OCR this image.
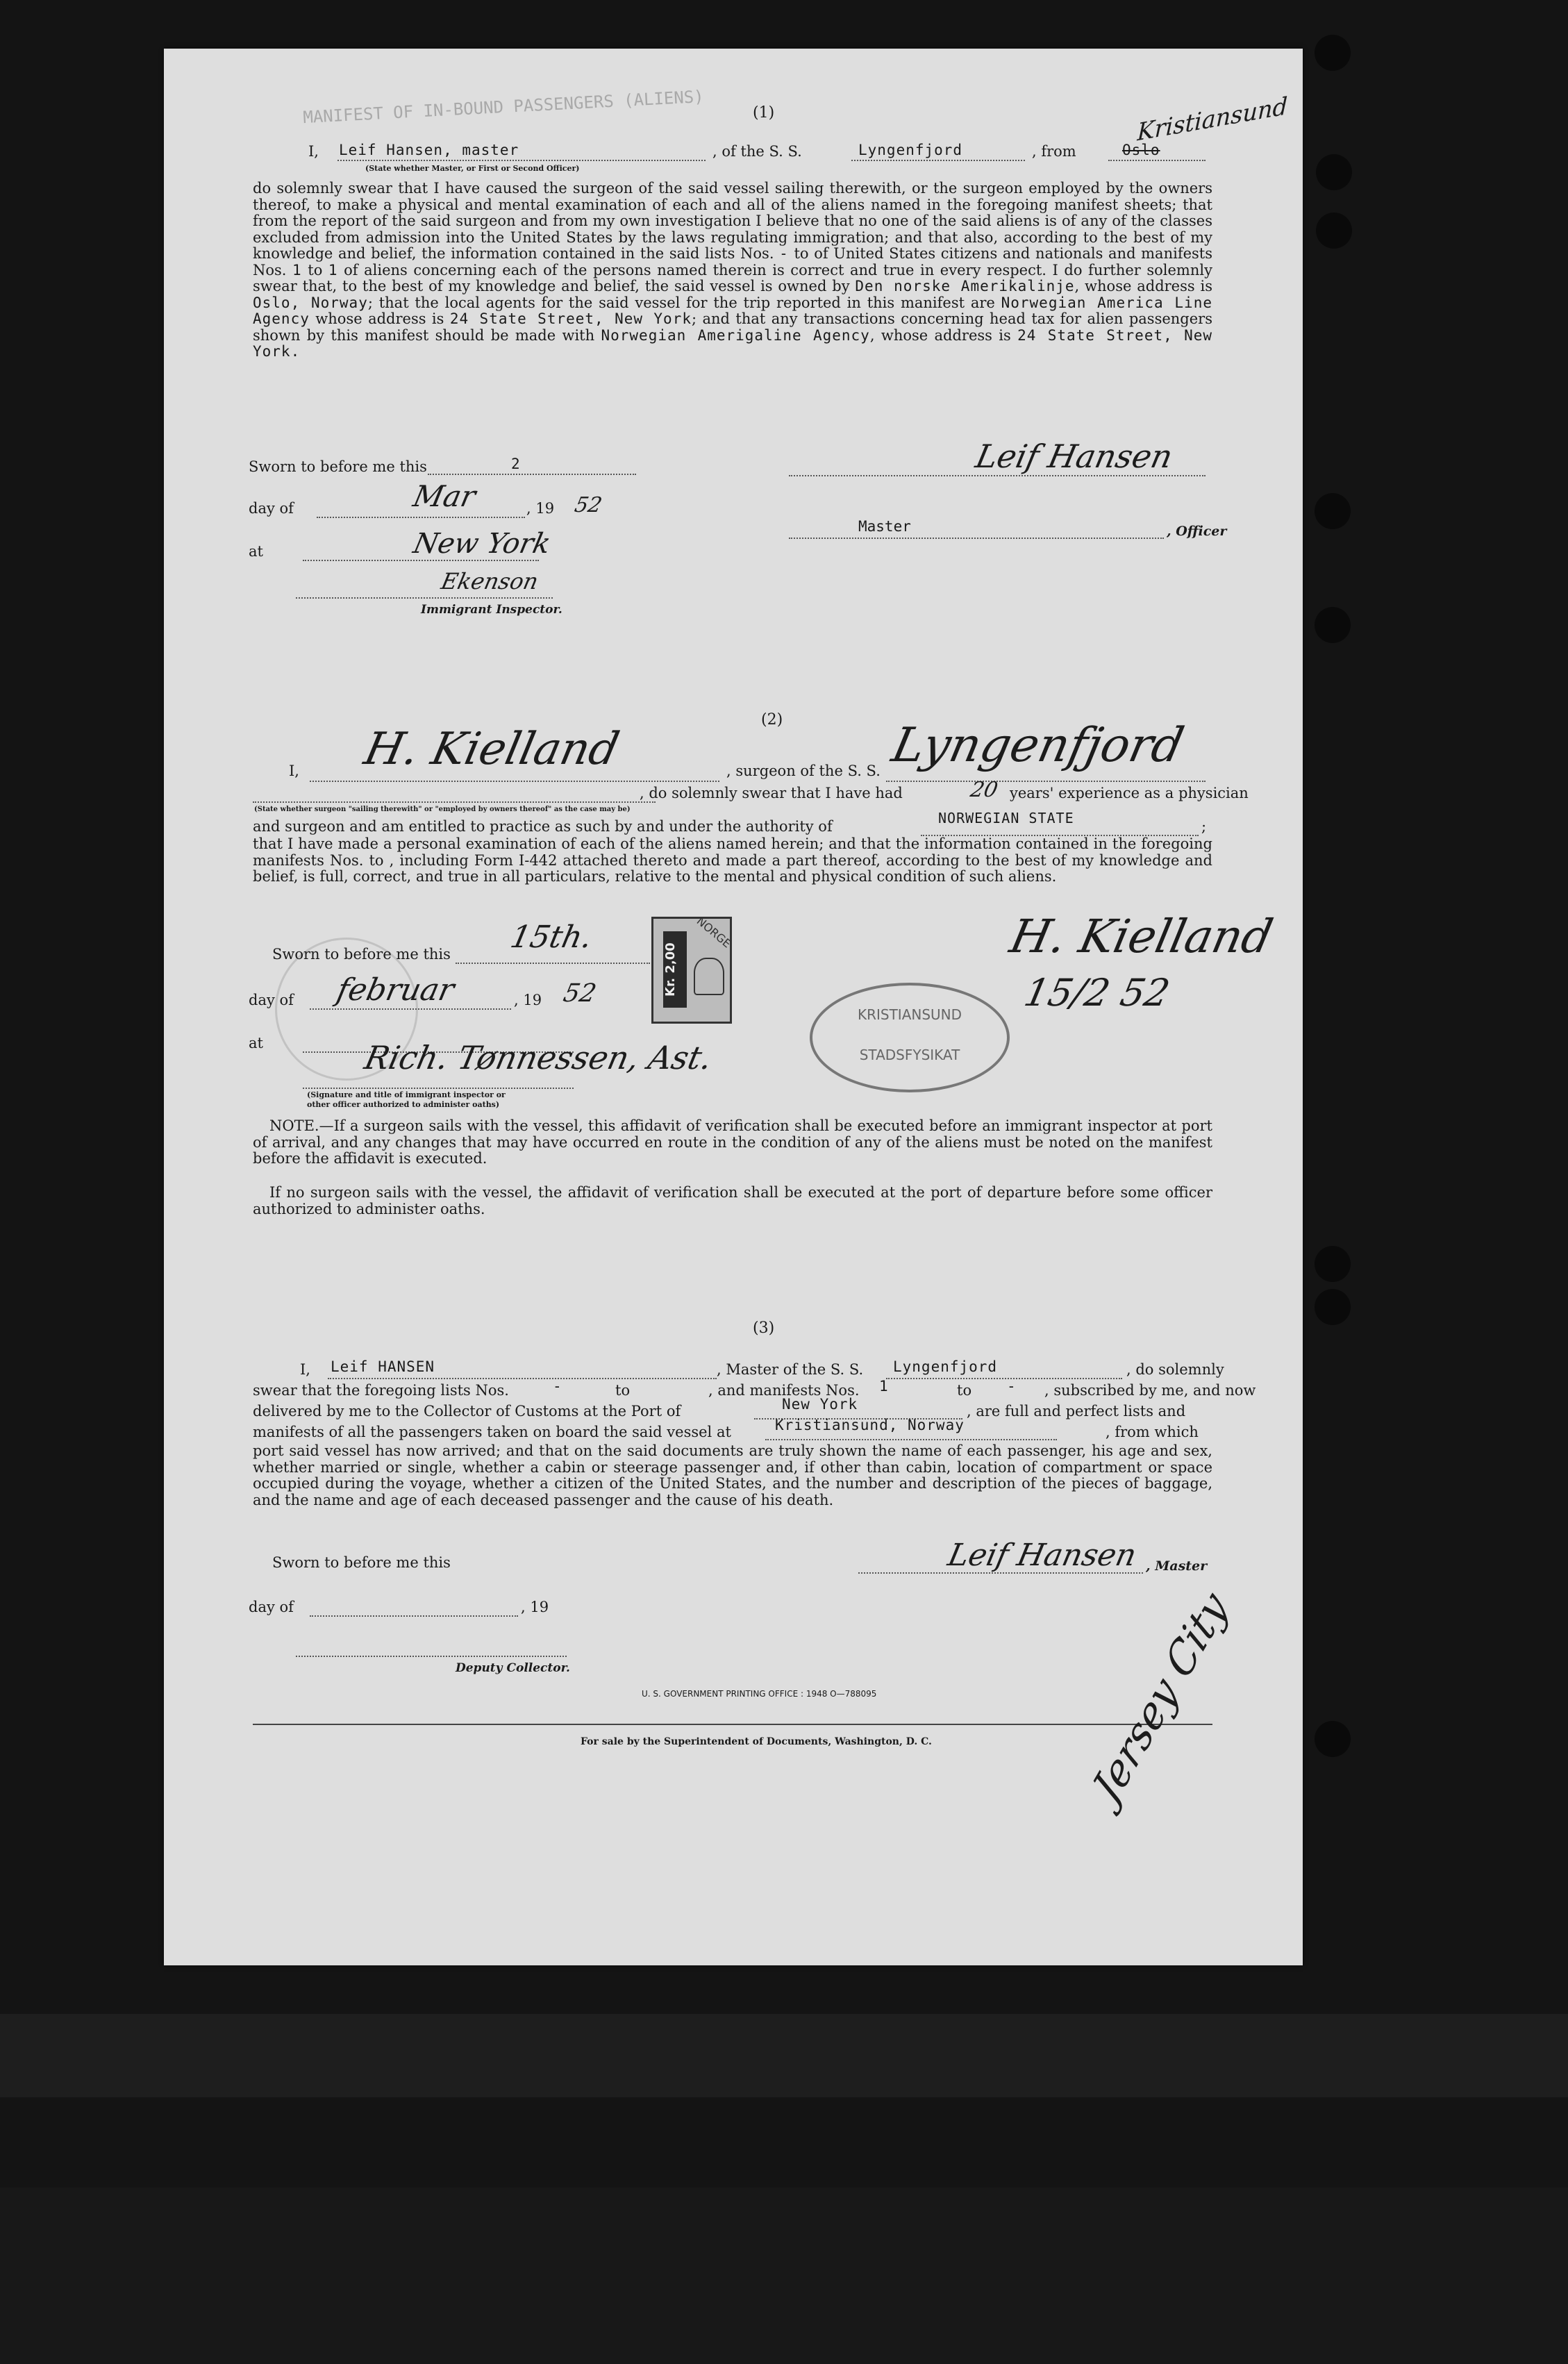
MANIFEST OF IN-BOUND PASSENGERS (ALIENS)	(1)
I, Leif Hansen, master
(State whether Master, or First or Second Officer)
, of the S. S.	Lyngenfjord	, from	Oslo
Kristiansund
do solemnly swear that I have caused the surgeon of the said vessel sailing therewith, or the surgeon employed by the owners thereof, to make a physical and mental examination of each and all of the aliens named in the foregoing manifest sheets; that from the report of the said surgeon and from my own investigation I believe that no one of the said aliens is of any of the classes excluded from admission into the United States by the laws regulating immigration; and that also, according to the best of my knowledge and belief, the information contained in the said lists Nos. - to of United States citizens and nationals and manifests Nos. 1 to 1 of aliens concerning each of the persons named therein is correct and true in every respect. I do further solemnly swear that, to the best of my knowledge and belief, the said vessel is owned by Den norske Amerikalinje, whose address is Oslo, Norway; that the local agents for the said vessel for the trip reported in this manifest are Norwegian America Line Agency whose address is 24 State Street, New York; and that any transactions concerning head tax for alien passengers shown by this manifest should be made with Norwegian Amerigaline Agency, whose address is 24 State Street, New York.
Sworn to before me this	2	Leif Hansen
day of	Mar	, 19 52
Master	, Officer
at	New York
Ekenson
Immigrant Inspector.
(2)
I, H. Kielland	, surgeon of the S. S. Lyngenfjord
(State whether surgeon "sailing therewith" or "employed by owners thereof" as the case may be)
, do solemnly swear that I have had	20 years' experience as a physician
and surgeon and am entitled to practice as such by and under the authority of	NORWEGIAN STATE	;
that I have made a personal examination of each of the aliens named herein; and that the information contained in the foregoing manifests Nos. to , including Form I-442 attached thereto and made a part thereof, according to the best of my knowledge and belief, is full, correct, and true in all particulars, relative to the mental and physical condition of such aliens.
Sworn to before me this 15th.
Kr. 2,00
NORGE
KRISTIANSUND
STADSFYSIKAT
H. Kielland
15/2 52
day of februar	, 19 52
at	Rich. Tønnessen, Ast.
(Signature and title of immigrant inspector or
other officer authorized to administer oaths)
NOTE.—If a surgeon sails with the vessel, this affidavit of verification shall be executed before an immigrant inspector at port of arrival, and any changes that may have occurred en route in the condition of any of the aliens must be noted on the manifest before the affidavit is executed.
If no surgeon sails with the vessel, the affidavit of verification shall be executed at the port of departure before some officer authorized to administer oaths.
(3)
I, Leif HANSEN	, Master of the S. S. Lyngenfjord	, do solemnly
swear that the foregoing lists Nos.	-	to	, and manifests Nos. 1	to - , subscribed by me, and now
delivered by me to the Collector of Customs at the Port of	New York	, are full and perfect lists and
manifests of all the passengers taken on board the said vessel at	Kristiansund, Norway	, from which
port said vessel has now arrived; and that on the said documents are truly shown the name of each passenger, his age and sex, whether married or single, whether a cabin or steerage passenger and, if other than cabin, location of compartment or space occupied during the voyage, whether a citizen of the United States, and the number and description of the pieces of baggage, and the name and age of each deceased passenger and the cause of his death.
Sworn to before me this	Leif Hansen , Master
day of	, 19
Deputy Collector.
U. S. GOVERNMENT PRINTING OFFICE : 1948 O—788095
For sale by the Superintendent of Documents, Washington, D. C.	Jersey City
